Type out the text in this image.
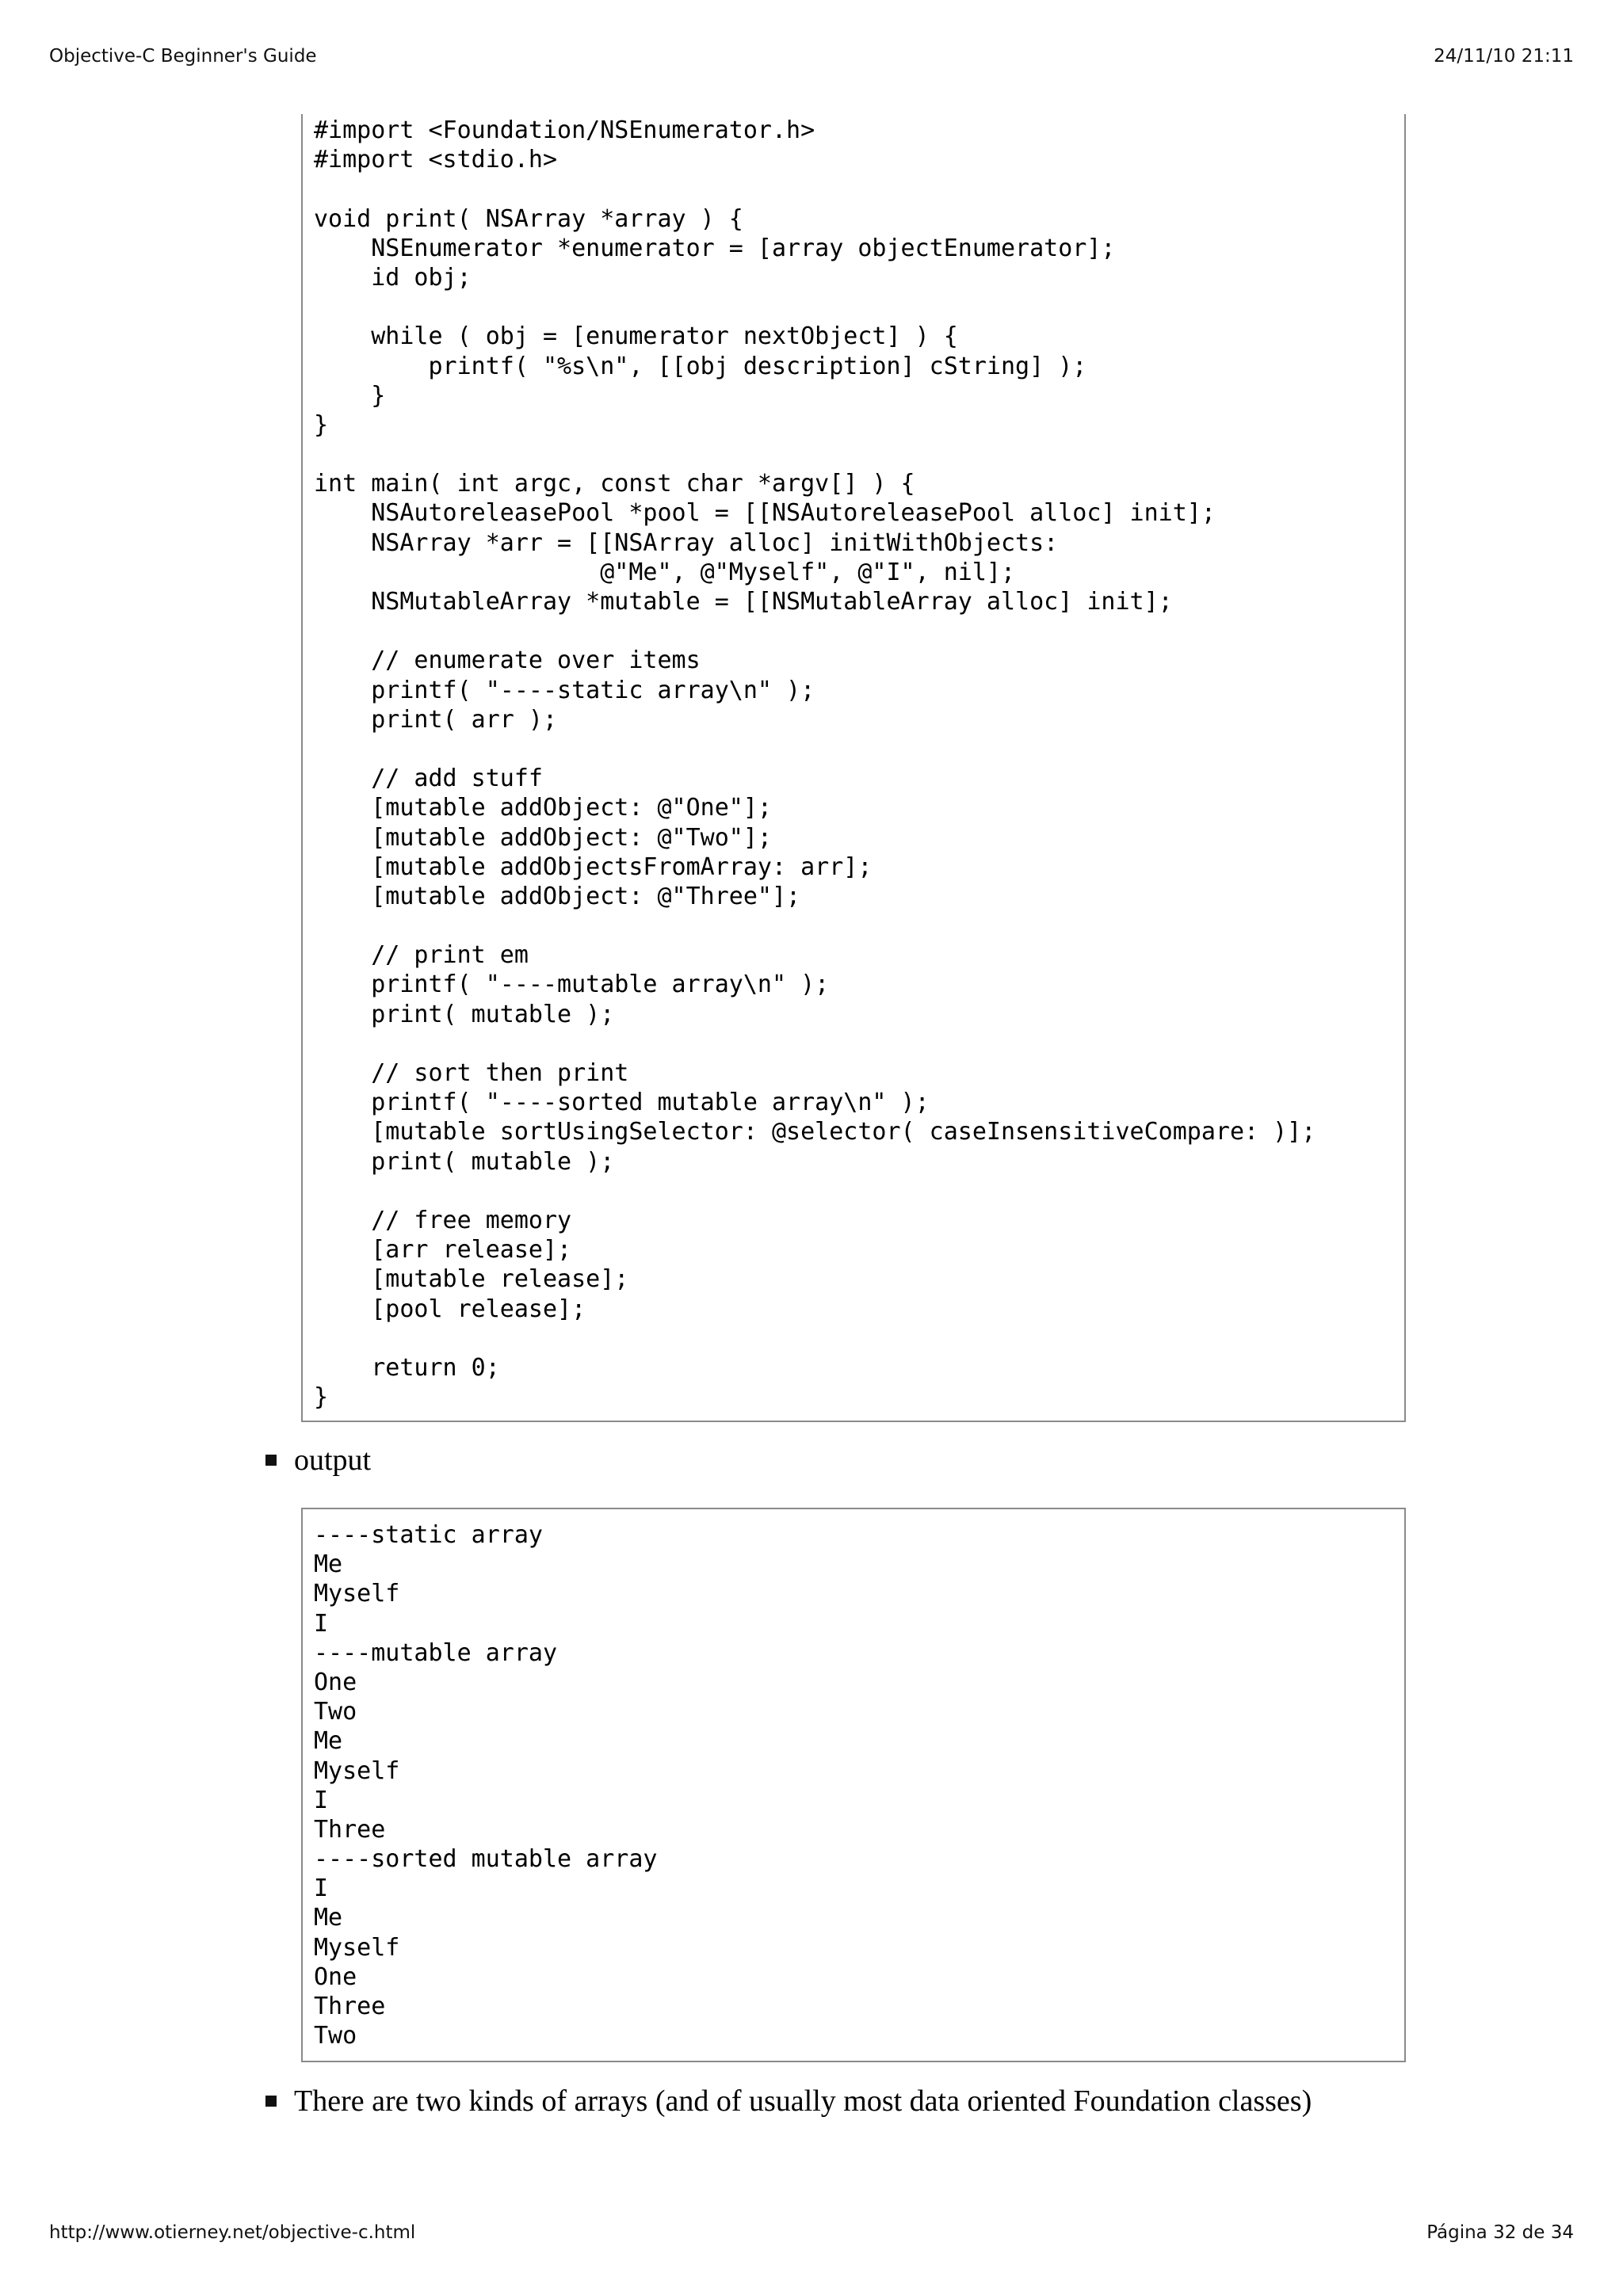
Objective-C Beginner's Guide	24/11/10 21:11
#import <Foundation/NSEnumerator.h>
#import <stdio.h>
void print( NSArray *array ) {
NSEnumerator *enumerator = [array objectEnumerator];
id obj;
while ( obj = [enumerator nextObject] ) {
printf( "%s\n", [[obj description] cString] );
}
}
int main( int argc, const char *argv[] ) {
NSAutoreleasePool *pool = [[NSAutoreleasePool alloc] init];
NSArray *arr = [[NSArray alloc] initWithObjects:
@"Me", @"Myself", @"I", nil];
NSMutableArray *mutable = [[NSMutableArray alloc] init];
// enumerate over items
printf( "----static array\n" );
print( arr );
// add stuff
[mutable addObject: @"One"];
[mutable addObject: @"Two"];
[mutable addObjectsFromArray: arr];
[mutable addObject: @"Three"];
// print em
printf( "----mutable array\n" );
print( mutable );
// sort then print
printf( "----sorted mutable array\n" );
[mutable sortUsingSelector: @selector( caseInsensitiveCompare: )];
print( mutable );
// free memory
[arr release];
[mutable release];
[pool release];
return 0;
}
output
----static array
Me
Myself
I
----mutable array
One
Two
Me
Myself
I
Three
----sorted mutable array
I
Me
Myself
One
Three
Two
There are two kinds of arrays (and of usually most data oriented Foundation classes)
http://www.otierney.net/objective-c.html	Página 32 de 34
